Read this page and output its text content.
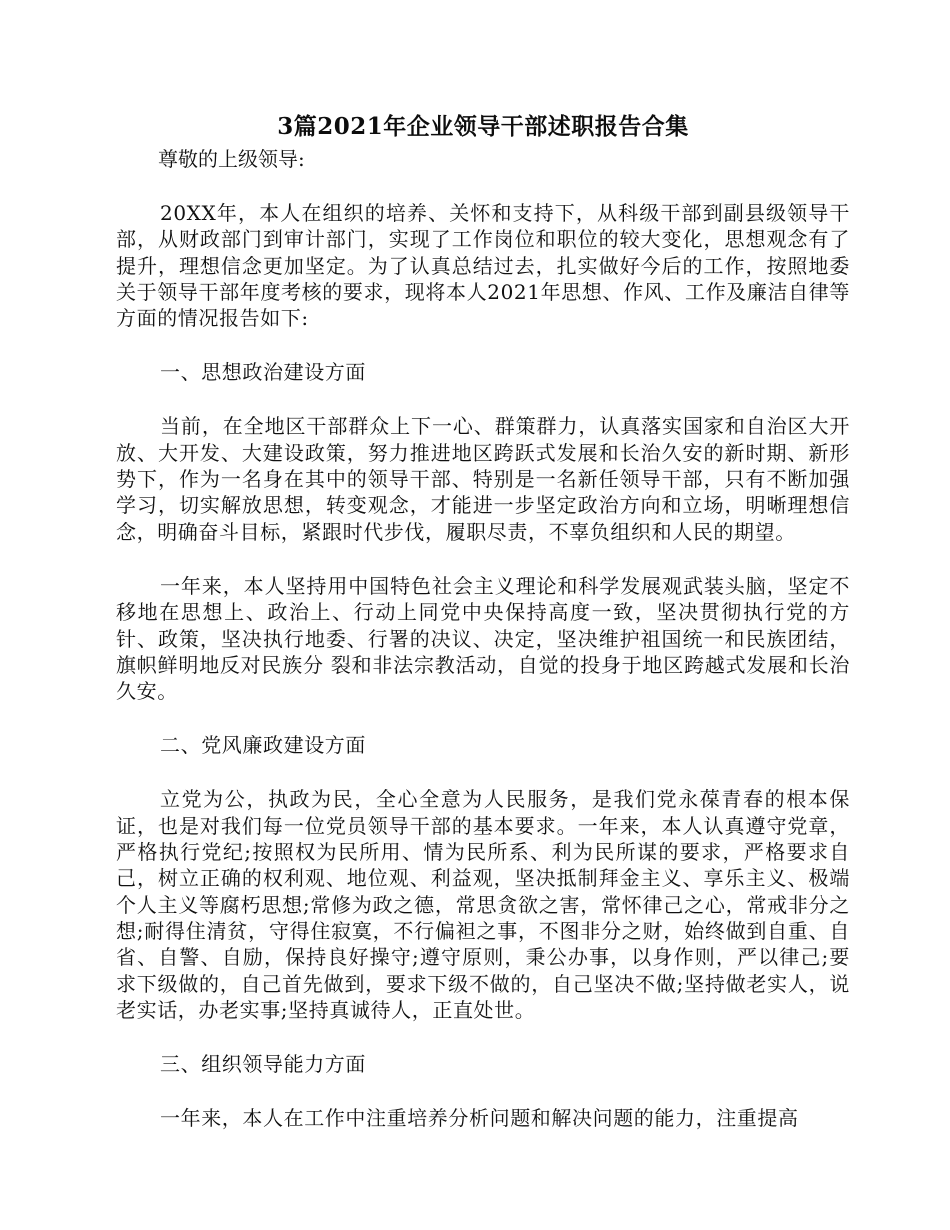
3篇2021年企业领导干部述职报告合集
尊敬的上级领导:

20XX年，本人在组织的培养、关怀和支持下，从科级干部到副县级领导干部，从财政部门到审计部门，实现了工作岗位和职位的较大变化，思想观念有了提升，理想信念更加坚定。为了认真总结过去，扎实做好今后的工作，按照地委关于领导干部年度考核的要求，现将本人2021年思想、作风、工作及廉洁自律等方面的情况报告如下:

一、思想政治建设方面

当前，在全地区干部群众上下一心、群策群力，认真落实国家和自治区大开放、大开发、大建设政策，努力推进地区跨跃式发展和长治久安的新时期、新形势下，作为一名身在其中的领导干部、特别是一名新任领导干部，只有不断加强学习，切实解放思想，转变观念，才能进一步坚定政治方向和立场，明晰理想信念，明确奋斗目标，紧跟时代步伐，履职尽责，不辜负组织和人民的期望。

一年来，本人坚持用中国特色社会主义理论和科学发展观武装头脑，坚定不移地在思想上、政治上、行动上同党中央保持高度一致，坚决贯彻执行党的方针、政策，坚决执行地委、行署的决议、决定，坚决维护祖国统一和民族团结，旗帜鲜明地反对民族分 裂和非法宗教活动，自觉的投身于地区跨越式发展和长治久安。

二、党风廉政建设方面

立党为公，执政为民，全心全意为人民服务，是我们党永葆青春的根本保证，也是对我们每一位党员领导干部的基本要求。一年来，本人认真遵守党章，严格执行党纪;按照权为民所用、情为民所系、利为民所谋的要求，严格要求自己，树立正确的权利观、地位观、利益观，坚决抵制拜金主义、享乐主义、极端个人主义等腐朽思想;常修为政之德，常思贪欲之害，常怀律己之心，常戒非分之想;耐得住清贫，守得住寂寞，不行偏袒之事，不图非分之财，始终做到自重、自省、自警、自励，保持良好操守;遵守原则，秉公办事，以身作则，严以律己;要求下级做的，自己首先做到，要求下级不做的，自己坚决不做;坚持做老实人，说老实话，办老实事;坚持真诚待人，正直处世。

三、组织领导能力方面

一年来，本人在工作中注重培养分析问题和解决问题的能力，注重提高
